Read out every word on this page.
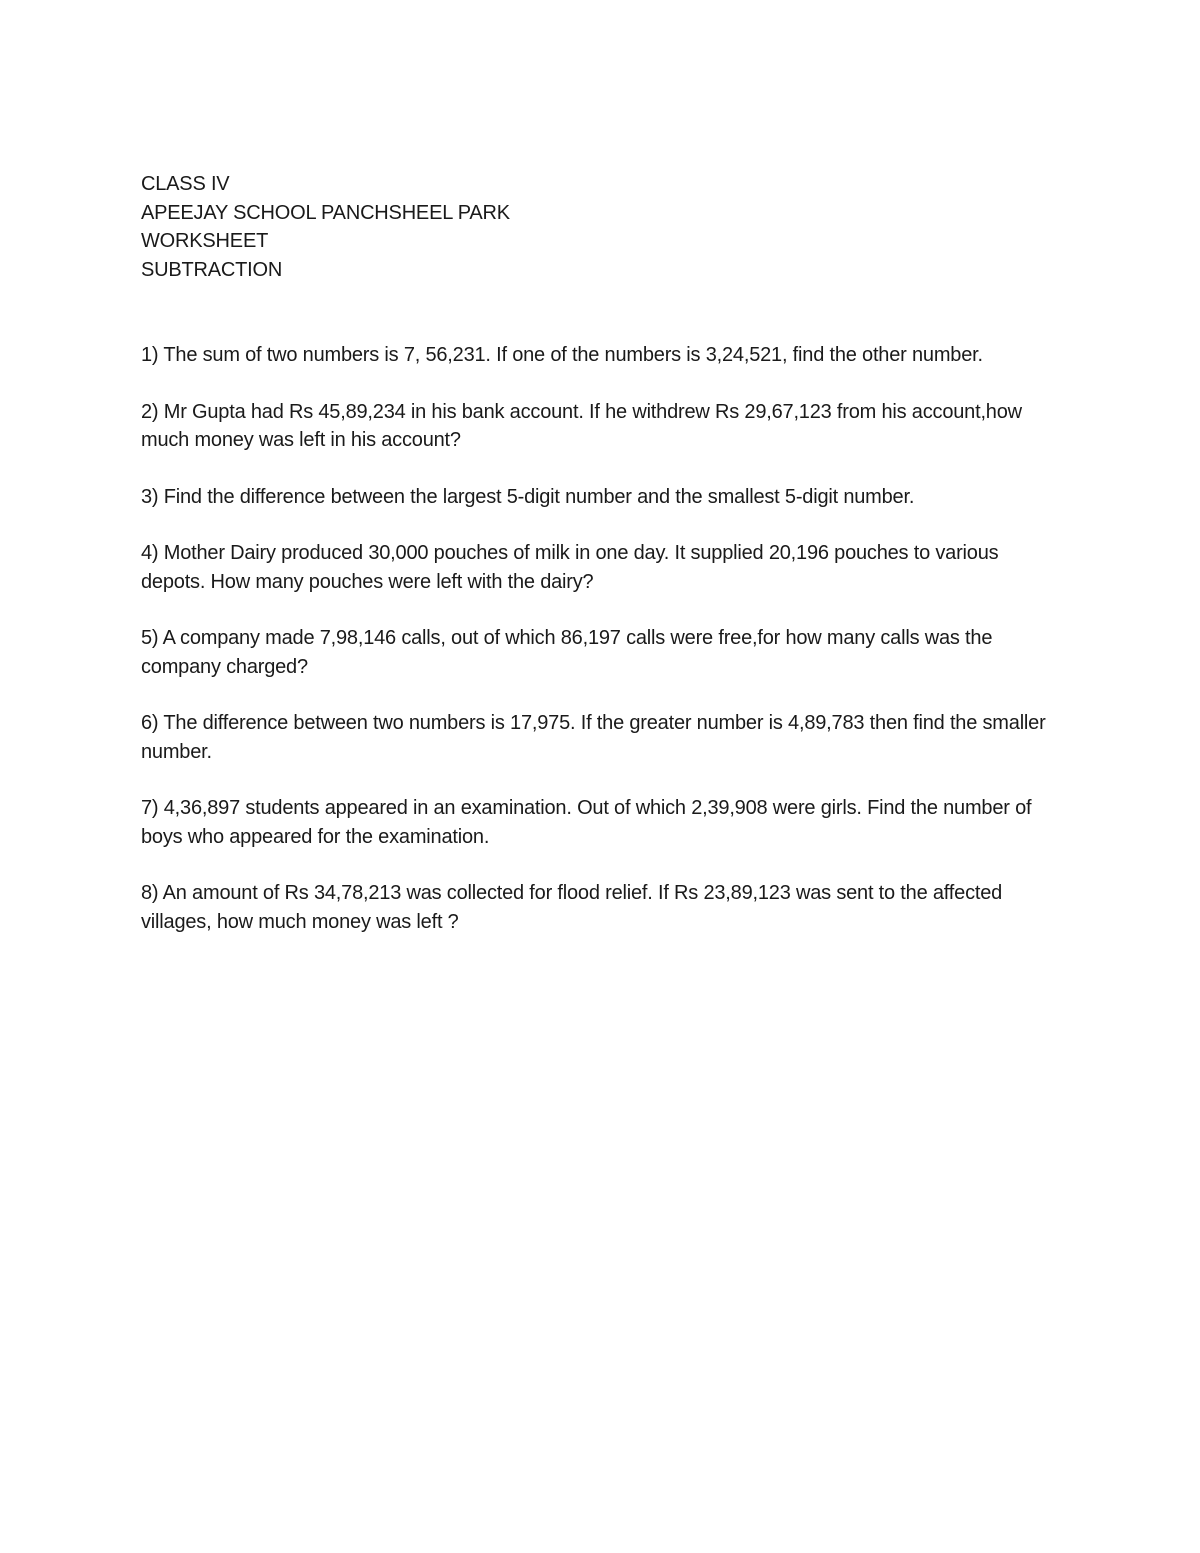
CLASS IV

APEEJAY SCHOOL PANCHSHEEL PARK

WORKSHEET

SUBTRACTION

1) The sum of two numbers is 7, 56,231. If one of the numbers is 3,24,521, find the other number.

2) Mr Gupta had Rs 45,89,234 in his bank account. If he withdrew Rs 29,67,123 from his account,how much money was left in his account?

3) Find the difference between the largest 5-digit number and the smallest 5-digit number.

4) Mother Dairy produced 30,000 pouches of milk in one day. It supplied 20,196 pouches to various depots. How many pouches were left with the dairy?

5) A company made 7,98,146 calls, out of which 86,197 calls were free,for how many calls was the company charged?

6) The difference between two numbers is 17,975. If the greater number is 4,89,783 then find the smaller number.

7) 4,36,897 students appeared in an examination. Out of which 2,39,908 were girls. Find the number of boys who appeared for the examination.

8) An amount of Rs 34,78,213 was collected for flood relief. If Rs 23,89,123 was sent to the affected villages, how much money was left ?
